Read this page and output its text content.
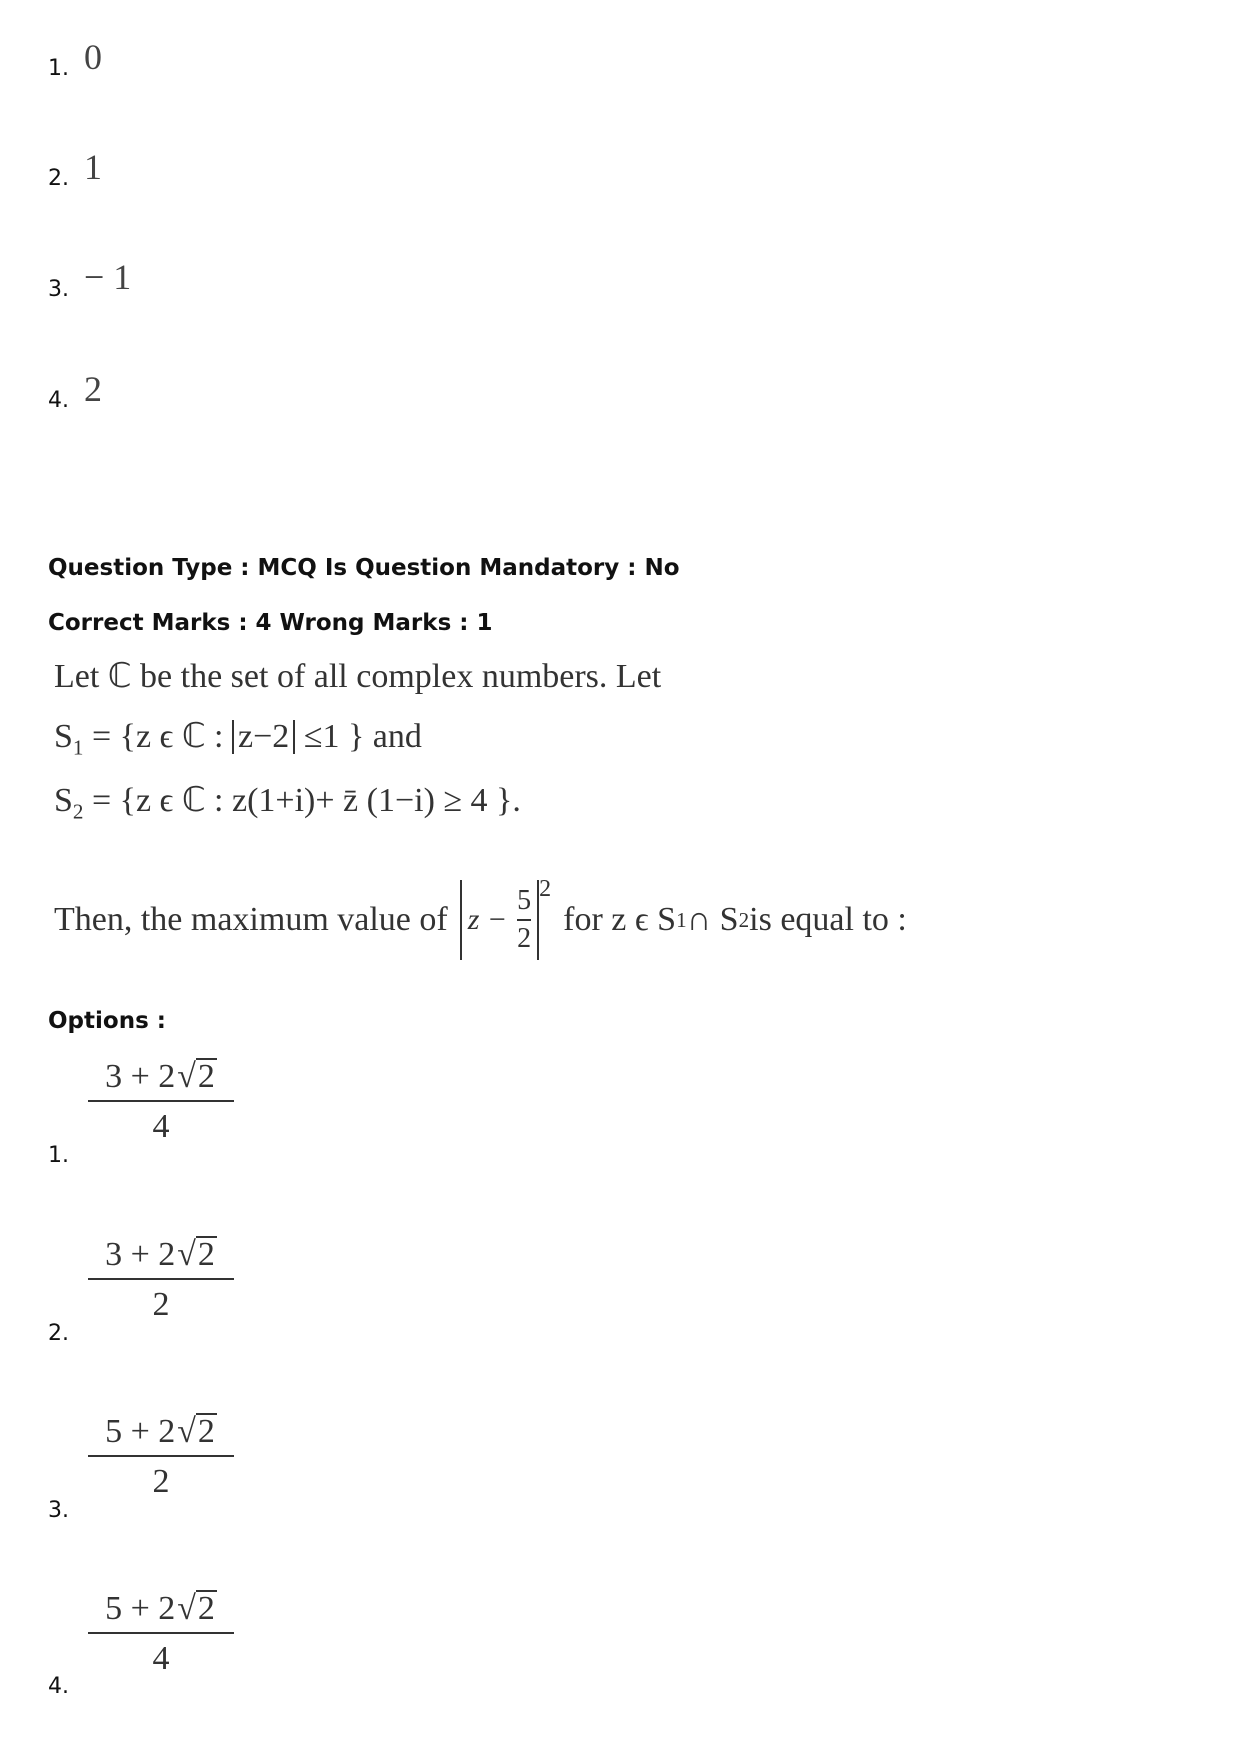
1. 0
2. 1
3. − 1
4. 2
Question Type : MCQ Is Question Mandatory : No
Correct Marks : 4 Wrong Marks : 1
Let ℂ be the set of all complex numbers. Let
$S_1 = \{z$ ϵ ℂ : z−2 ≤1 } and
$S_2 = \{z$ ϵ ℂ : z(1+i)+ z̄ (1−i) ≥ 4 }.
Then, the maximum value of z −
5
2
2
for z ϵ S 1 ∩ S 2 is equal to :
Options :
1.
3 + 2√2
4
2.
3 + 2√2
2
3.
5 + 2√2
2
4.
5 + 2√2
4
